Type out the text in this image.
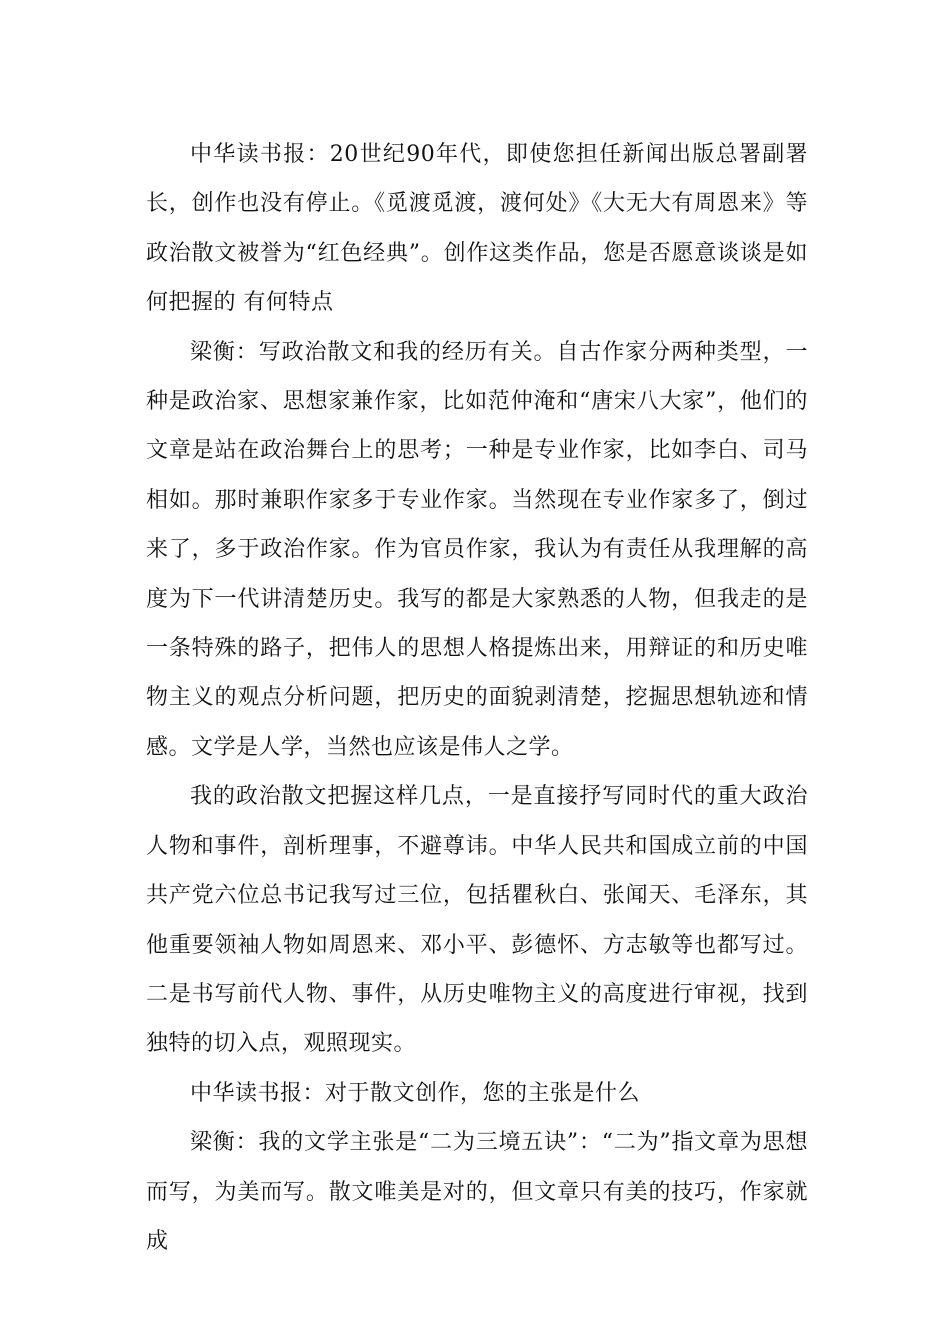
中华读书报：20世纪90年代，即使您担任新闻出版总署副署长，创作也没有停止。《觅渡觅渡，渡何处》《大无大有周恩来》等政治散文被誉为“红色经典”。创作这类作品，您是否愿意谈谈是如何把握的 有何特点

梁衡：写政治散文和我的经历有关。自古作家分两种类型，一种是政治家、思想家兼作家，比如范仲淹和“唐宋八大家”，他们的文章是站在政治舞台上的思考；一种是专业作家，比如李白、司马相如。那时兼职作家多于专业作家。当然现在专业作家多了，倒过来了，多于政治作家。作为官员作家，我认为有责任从我理解的高度为下一代讲清楚历史。我写的都是大家熟悉的人物，但我走的是一条特殊的路子，把伟人的思想人格提炼出来，用辩证的和历史唯物主义的观点分析问题，把历史的面貌剥清楚，挖掘思想轨迹和情感。文学是人学，当然也应该是伟人之学。

我的政治散文把握这样几点，一是直接抒写同时代的重大政治人物和事件，剖析理事，不避尊讳。中华人民共和国成立前的中国共产党六位总书记我写过三位，包括瞿秋白、张闻天、毛泽东，其他重要领袖人物如周恩来、邓小平、彭德怀、方志敏等也都写过。二是书写前代人物、事件，从历史唯物主义的高度进行审视，找到独特的切入点，观照现实。

中华读书报：对于散文创作，您的主张是什么

梁衡：我的文学主张是“二为三境五诀”：“二为”指文章为思想而写，为美而写。散文唯美是对的，但文章只有美的技巧，作家就成
